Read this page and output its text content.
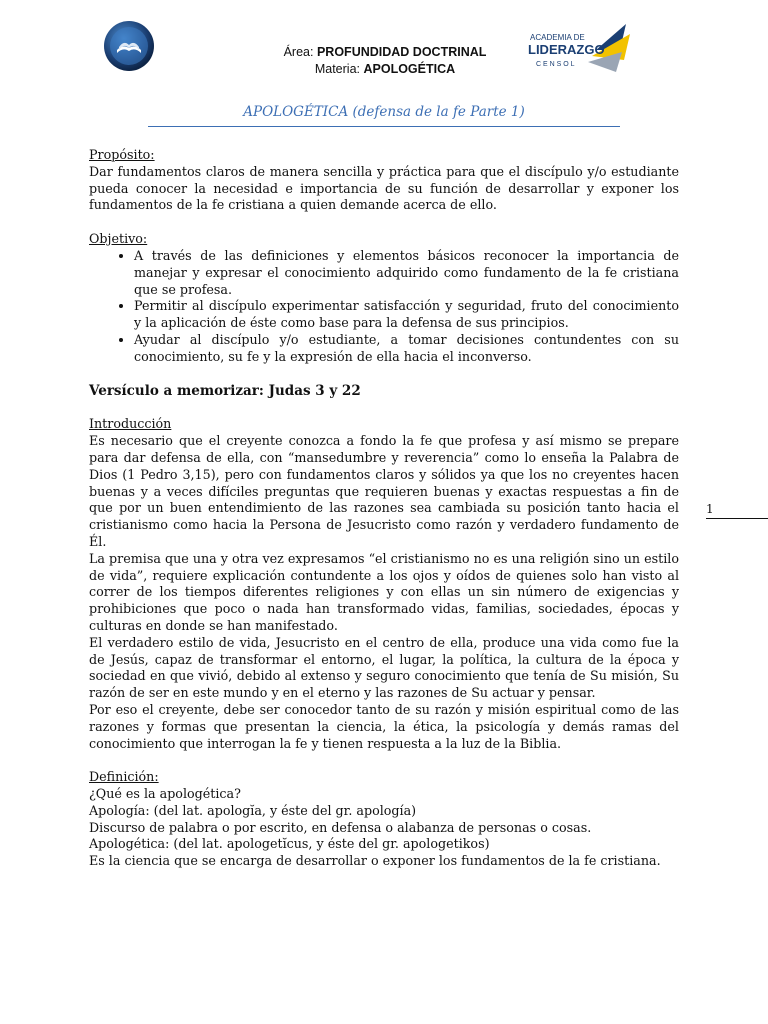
Área: PROFUNDIDAD DOCTRINAL
Materia: APOLOGÉTICA
ACADEMIA DE
LIDERAZGO
C E N S O L
APOLOGÉTICA (defensa de la fe Parte 1)

Propósito:

Dar fundamentos claros de manera sencilla y práctica para que el discípulo y/o estudiante pueda conocer la necesidad e importancia de su función de desarrollar y exponer los fundamentos de la fe cristiana a quien demande acerca de ello.

Objetivo:

• A través de las definiciones y elementos básicos reconocer la importancia de manejar y expresar el conocimiento adquirido como fundamento de la fe cristiana que se profesa.
• Permitir al discípulo experimentar satisfacción y seguridad, fruto del conocimiento y la aplicación de éste como base para la defensa de sus principios.
• Ayudar al discípulo y/o estudiante, a tomar decisiones contundentes con su conocimiento, su fe y la expresión de ella hacia el inconverso.

Versículo a memorizar: Judas 3 y 22

Introducción

Es necesario que el creyente conozca a fondo la fe que profesa y así mismo se prepare para dar defensa de ella, con “mansedumbre y reverencia” como lo enseña la Palabra de Dios (1 Pedro 3,15), pero con fundamentos claros y sólidos ya que los no creyentes hacen buenas y a veces difíciles preguntas que requieren buenas y exactas respuestas a fin de que por un buen entendimiento de las razones sea cambiada su posición tanto hacia el cristianismo como hacia la Persona de Jesucristo como razón y verdadero fundamento de Él.

La premisa que una y otra vez expresamos “el cristianismo no es una religión sino un estilo de vida”, requiere explicación contundente a los ojos y oídos de quienes solo han visto al correr de los tiempos diferentes religiones y con ellas un sin número de exigencias y prohibiciones que poco o nada han transformado vidas, familias, sociedades, épocas y culturas en donde se han manifestado.

El verdadero estilo de vida, Jesucristo en el centro de ella, produce una vida como fue la de Jesús, capaz de transformar el entorno, el lugar, la política, la cultura de la época y sociedad en que vivió, debido al extenso y seguro conocimiento que tenía de Su misión, Su razón de ser en este mundo y en el eterno y las razones de Su actuar y pensar.

Por eso el creyente, debe ser conocedor tanto de su razón y misión espiritual como de las razones y formas que presentan la ciencia, la ética, la psicología y demás ramas del conocimiento que interrogan la fe y tienen respuesta a la luz de la Biblia.

Definición:

¿Qué es la apologética?

Apología: (del lat. apologĭa, y éste del gr. apología)

Discurso de palabra o por escrito, en defensa o alabanza de personas o cosas.

Apologética: (del lat. apologetĭcus, y éste del gr. apologetikos)

Es la ciencia que se encarga de desarrollar o exponer los fundamentos de la fe cristiana.

1
